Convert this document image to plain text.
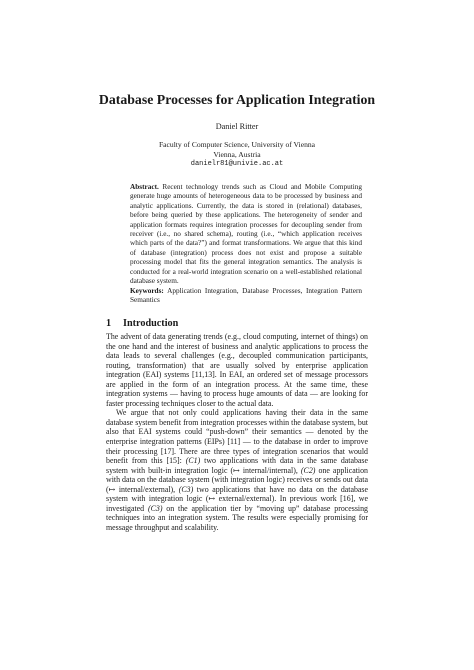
Database Processes for Application Integration
Daniel Ritter
Faculty of Computer Science, University of Vienna
Vienna, Austria
danielr81@univie.ac.at

Abstract. Recent technology trends such as Cloud and Mobile Computing generate huge amounts of heterogeneous data to be processed by business and analytic applications. Currently, the data is stored in (relational) databases, before being queried by these applications. The heterogeneity of sender and application formats requires integration processes for decoupling sender from receiver (i.e., no shared schema), routing (i.e., “which application receives which parts of the data?”) and format transformations. We argue that this kind of database (integration) process does not exist and propose a suitable processing model that fits the general integration semantics. The analysis is conducted for a real-world integration scenario on a well-established relational database system.

Keywords: Application Integration, Database Processes, Integration Pattern Semantics

1 Introduction

The advent of data generating trends (e.g., cloud computing, internet of things) on the one hand and the interest of business and analytic applications to process the data leads to several challenges (e.g., decoupled communication participants, routing, transformation) that are usually solved by enterprise application integration (EAI) systems [11,13]. In EAI, an ordered set of message processors are applied in the form of an integration process. At the same time, these integration systems — having to process huge amounts of data — are looking for faster processing techniques closer to the actual data.

We argue that not only could applications having their data in the same database system benefit from integration processes within the database system, but also that EAI systems could “push-down” their semantics — denoted by the enterprise integration patterns (EIPs) [11] — to the database in order to improve their processing [17]. There are three types of integration scenarios that would benefit from this [15]: (C1) two applications with data in the same database system with built-in integration logic (↦ internal/internal), (C2) one application with data on the database system (with integration logic) receives or sends out data (↦ internal/external), (C3) two applications that have no data on the database system with integration logic (↦ external/external). In previous work [16], we investigated (C3) on the application tier by “moving up” database processing techniques into an integration system. The results were especially promising for message throughput and scalability.
